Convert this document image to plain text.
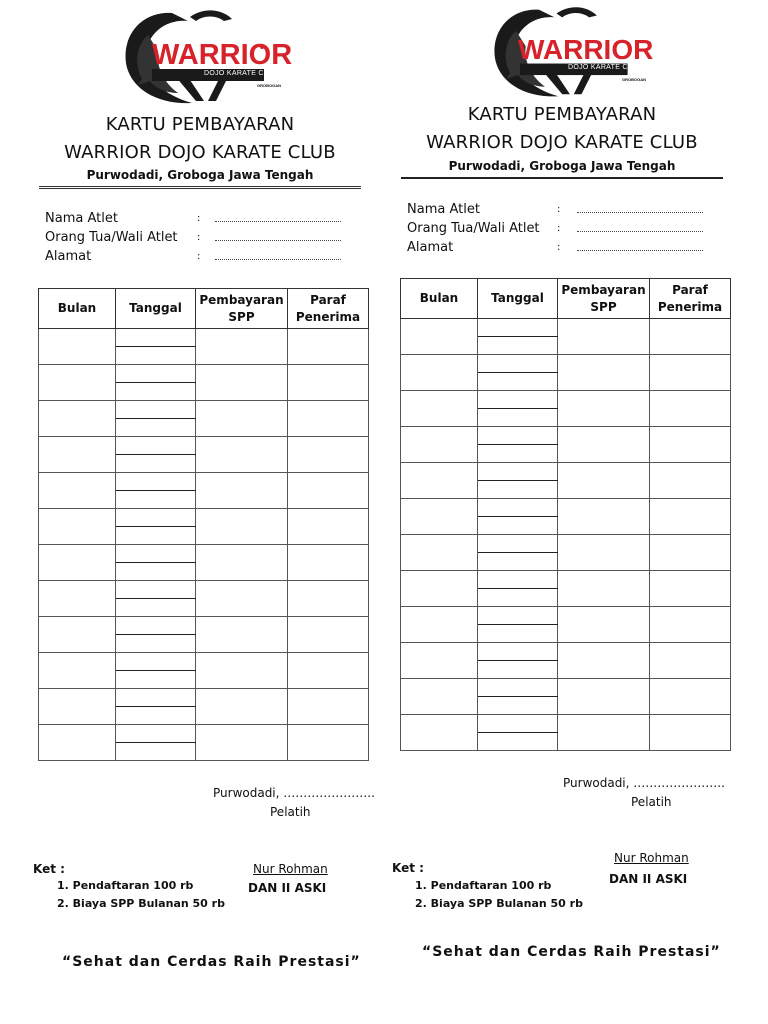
WARRIOR
DOJO KARATE CLUB
GROBOGAN
KARTU PEMBAYARAN
WARRIOR DOJO KARATE CLUB
Purwodadi, Groboga Jawa Tengah
Nama Atlet	:
Orang Tua/Wali Atlet :
Alamat	:
Bulan	Tanggal	Pembayaran SPP	Paraf Penerima

Purwodadi, …………………..
Pelatih
Ket :
1. Pendaftaran 100 rb
2. Biaya SPP Bulanan 50 rb
Nur Rohman
DAN II ASKI
“Sehat dan Cerdas Raih Prestasi”
WARRIOR
DOJO KARATE CLUB
GROBOGAN
KARTU PEMBAYARAN
WARRIOR DOJO KARATE CLUB
Purwodadi, Groboga Jawa Tengah
Nama Atlet	:
Orang Tua/Wali Atlet :
Alamat	:
Bulan	Tanggal	Pembayaran SPP	Paraf Penerima

Purwodadi, …………………..
Pelatih
Ket :
1. Pendaftaran 100 rb
2. Biaya SPP Bulanan 50 rb
Nur Rohman
DAN II ASKI
“Sehat dan Cerdas Raih Prestasi”
